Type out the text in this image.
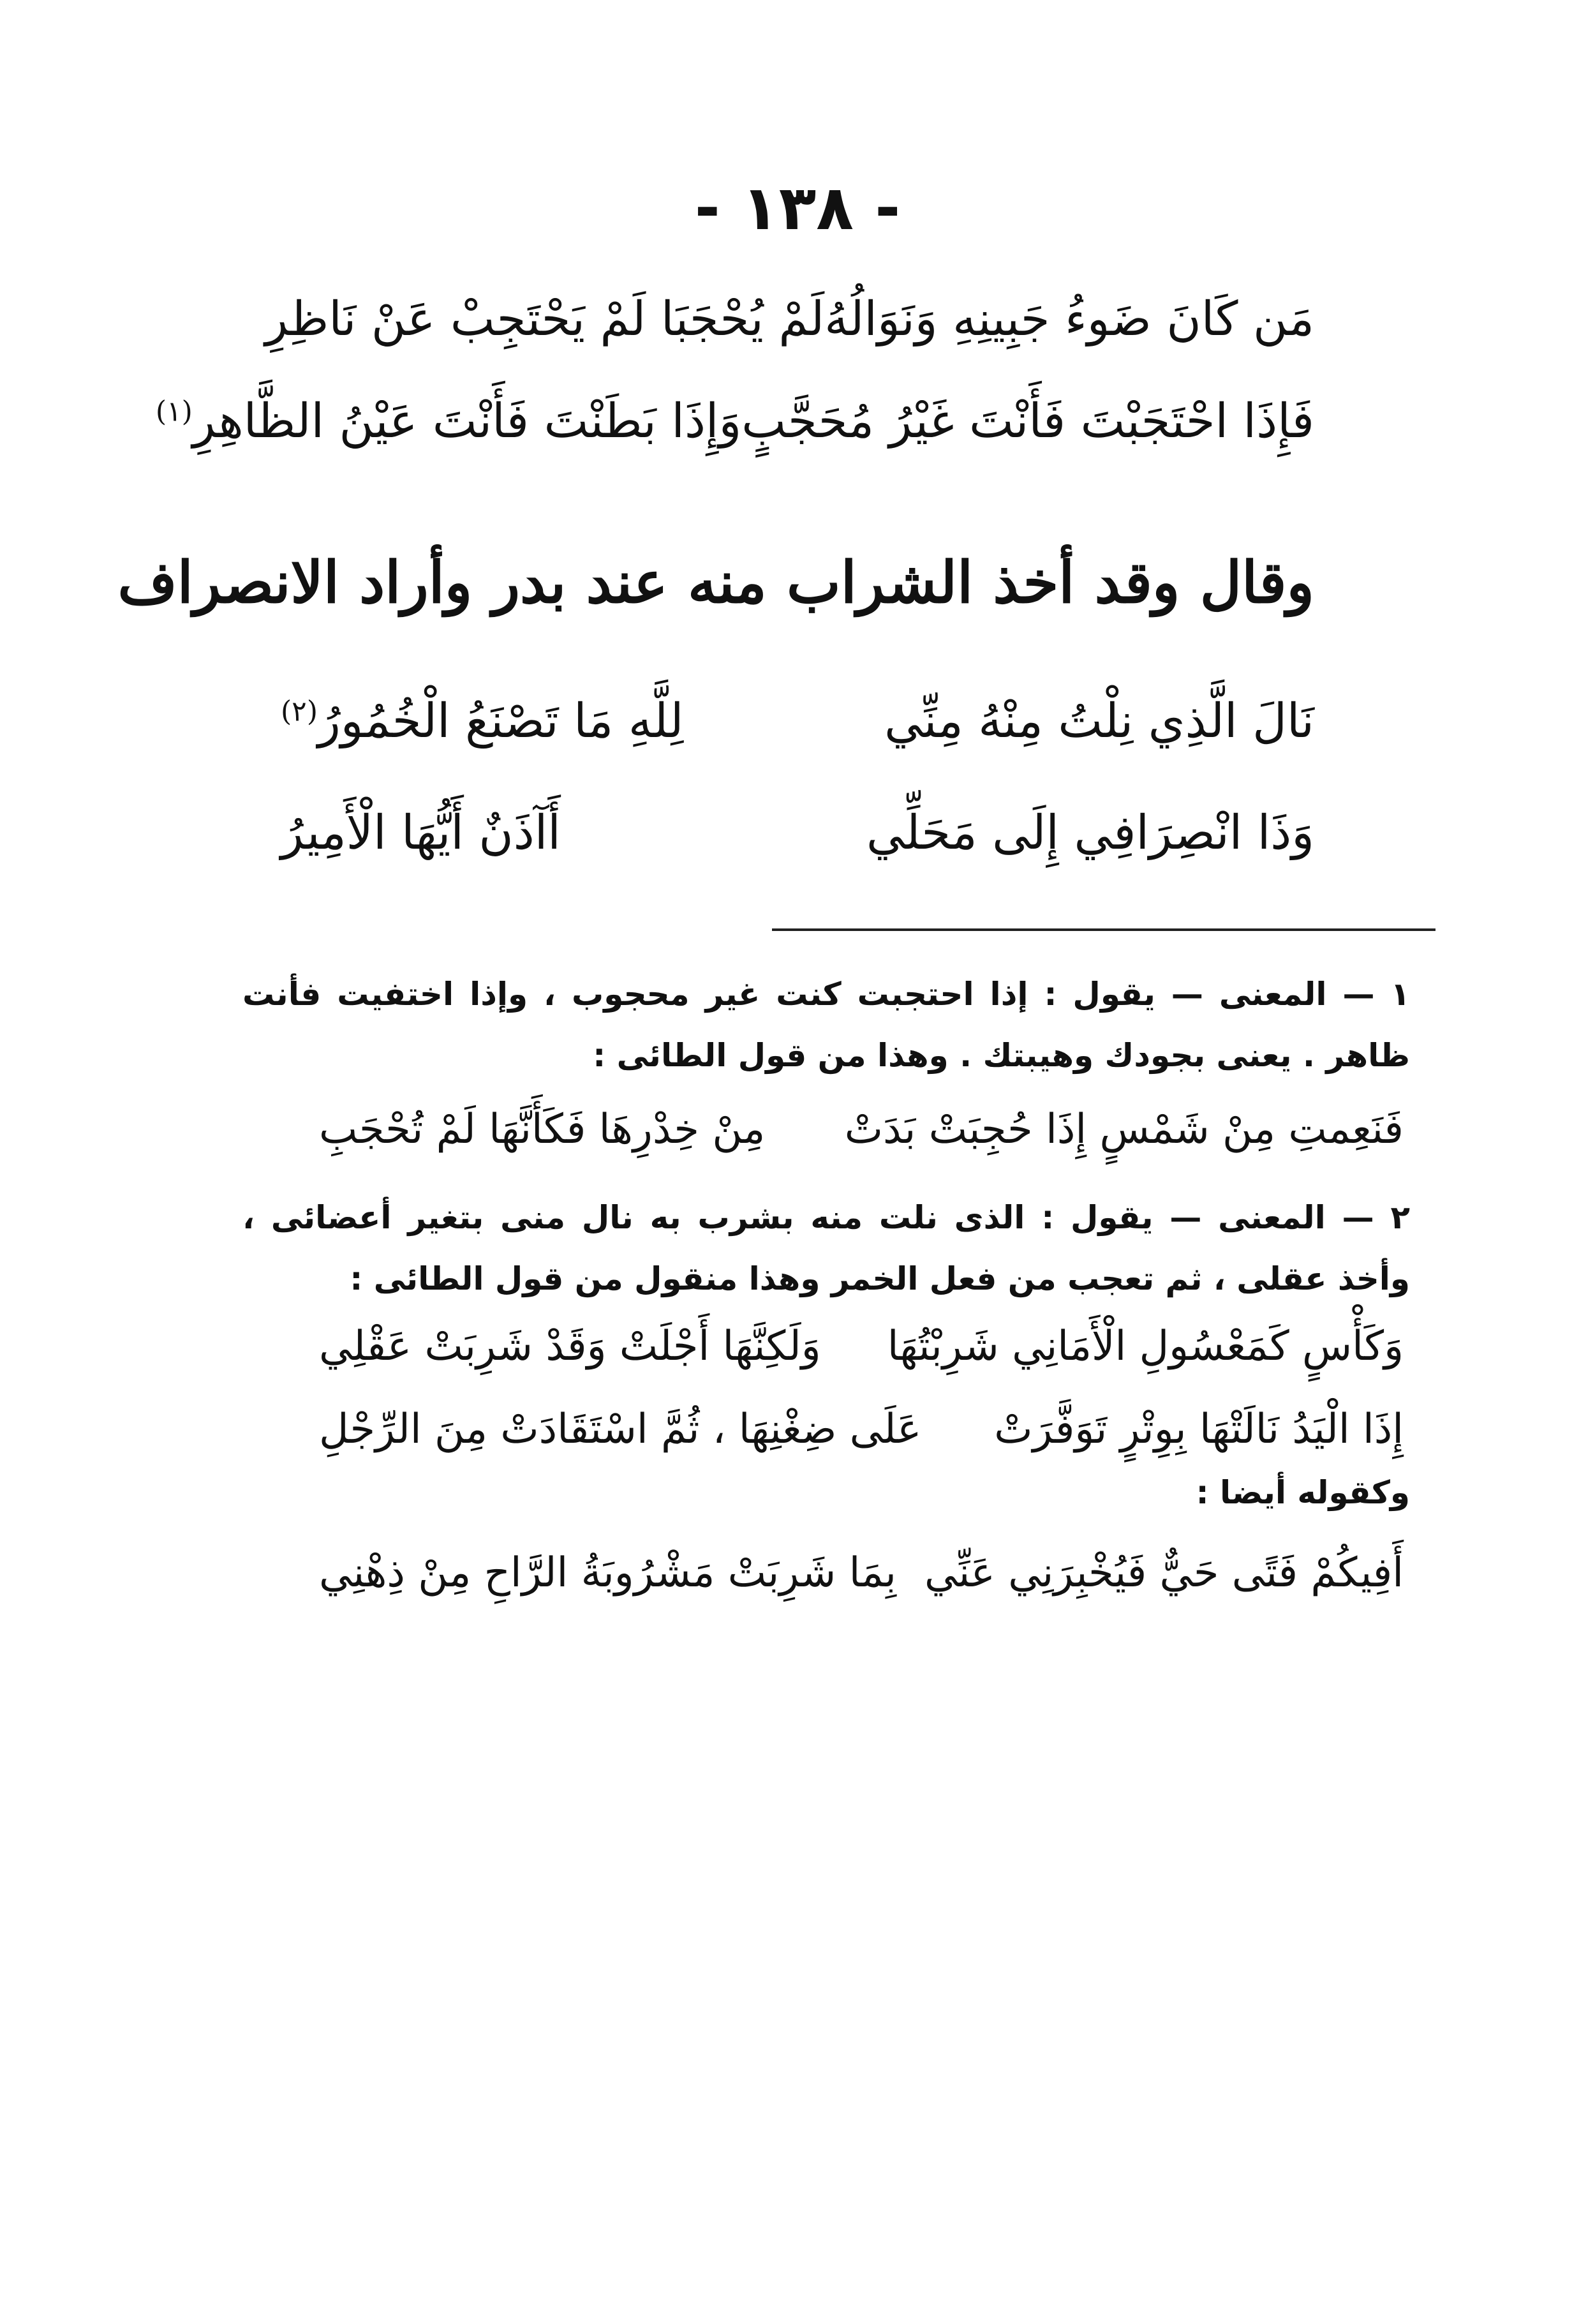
- ١٣٨ -
مَن كَانَ ضَوءُ جَبِينِهِ وَنَوَالُهُ
لَمْ يُحْجَبَا لَمْ يَحْتَجِبْ عَنْ نَاظِرِ
فَإِذَا احْتَجَبْتَ فَأَنْتَ غَيْرُ مُحَجَّبٍ
وَإِذَا بَطَنْتَ فَأَنْتَ عَيْنُ الظَّاهِرِ$^{(١)}$
وقال وقد أخذ الشراب منه عند بدر وأراد الانصراف
نَالَ الَّذِي نِلْتُ مِنْهُ مِنِّي
لِلَّهِ مَا تَصْنَعُ الْخُمُورُ$^{(٢)}$
وَذَا انْصِرَافِي إِلَى مَحَلِّي
أَآذَنٌ أَيُّهَا الْأَمِيرُ
١ — المعنى — يقول : إذا احتجبت كنت غير محجوب ، وإذا اختفيت فأنت ظاهر . يعنى بجودك وهيبتك . وهذا من قول الطائى :
فَنَعِمتِ مِنْ شَمْسٍ إِذَا حُجِبَتْ بَدَتْ
مِنْ خِدْرِهَا فَكَأَنَّهَا لَمْ تُحْجَبِ
٢ — المعنى — يقول : الذى نلت منه بشرب به نال منى بتغير أعضائى ، وأخذ عقلى ، ثم تعجب من فعل الخمر وهذا منقول من قول الطائى :
وَكَأْسٍ كَمَعْسُولِ الْأَمَانِي شَرِبْتُهَا
وَلَكِنَّهَا أَجْلَتْ وَقَدْ شَرِبَتْ عَقْلِي
إِذَا الْيَدُ نَالَتْهَا بِوِتْرٍ تَوَفَّرَتْ
عَلَى ضِغْنِهَا ، ثُمَّ اسْتَقَادَتْ مِنَ الرِّجْلِ
وكقوله أيضا :
أَفِيكُمْ فَتًى حَيٌّ فَيُخْبِرَنِي عَنِّي
بِمَا شَرِبَتْ مَشْرُوبَةُ الرَّاحِ مِنْ ذِهْنِي
